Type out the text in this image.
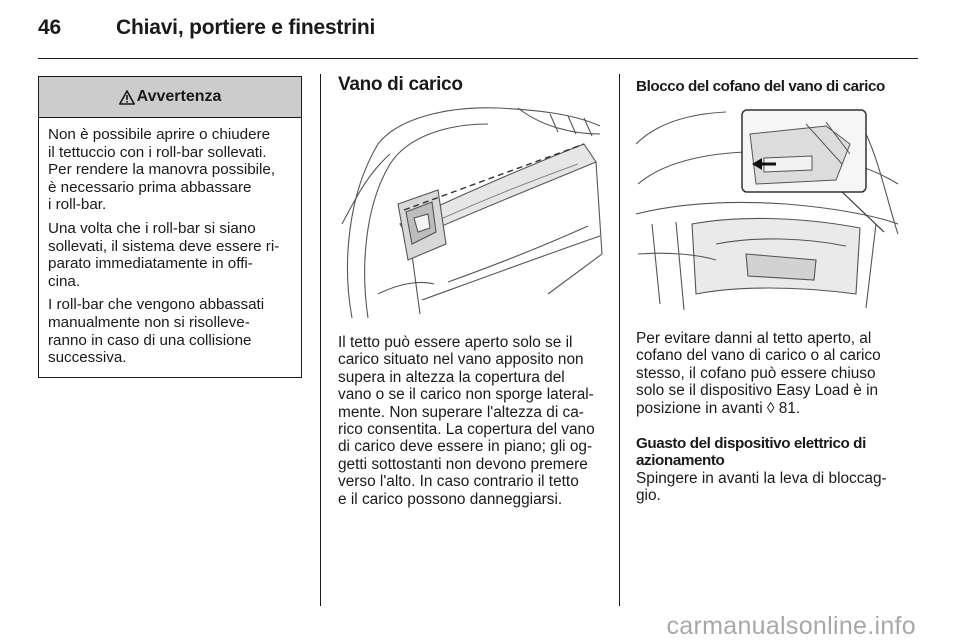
46	Chiavi, portiere e finestrini
Avvertenza

Non è possibile aprire o chiudere
il tettuccio con i roll-bar sollevati.
Per rendere la manovra possibile,
è necessario prima abbassare
i roll-bar.

Una volta che i roll-bar si siano
sollevati, il sistema deve essere ri-
parato immediatamente in offi-
cina.

I roll-bar che vengono abbassati
manualmente non si risolleve-
ranno in caso di una collisione
successiva.

Vano di carico

Il tetto può essere aperto solo se il
carico situato nel vano apposito non
supera in altezza la copertura del
vano o se il carico non sporge lateral-
mente. Non superare l'altezza di ca-
rico consentita. La copertura del vano
di carico deve essere in piano; gli og-
getti sottostanti non devono premere
verso l'alto. In caso contrario il tetto
e il carico possono danneggiarsi.

Blocco del cofano del vano di carico

Per evitare danni al tetto aperto, al
cofano del vano di carico o al carico
stesso, il cofano può essere chiuso
solo se il dispositivo Easy Load è in
posizione in avanti ◊ 81.

Guasto del dispositivo elettrico di
azionamento

Spingere in avanti la leva di bloccag-
gio.

carmanualsonline.info
